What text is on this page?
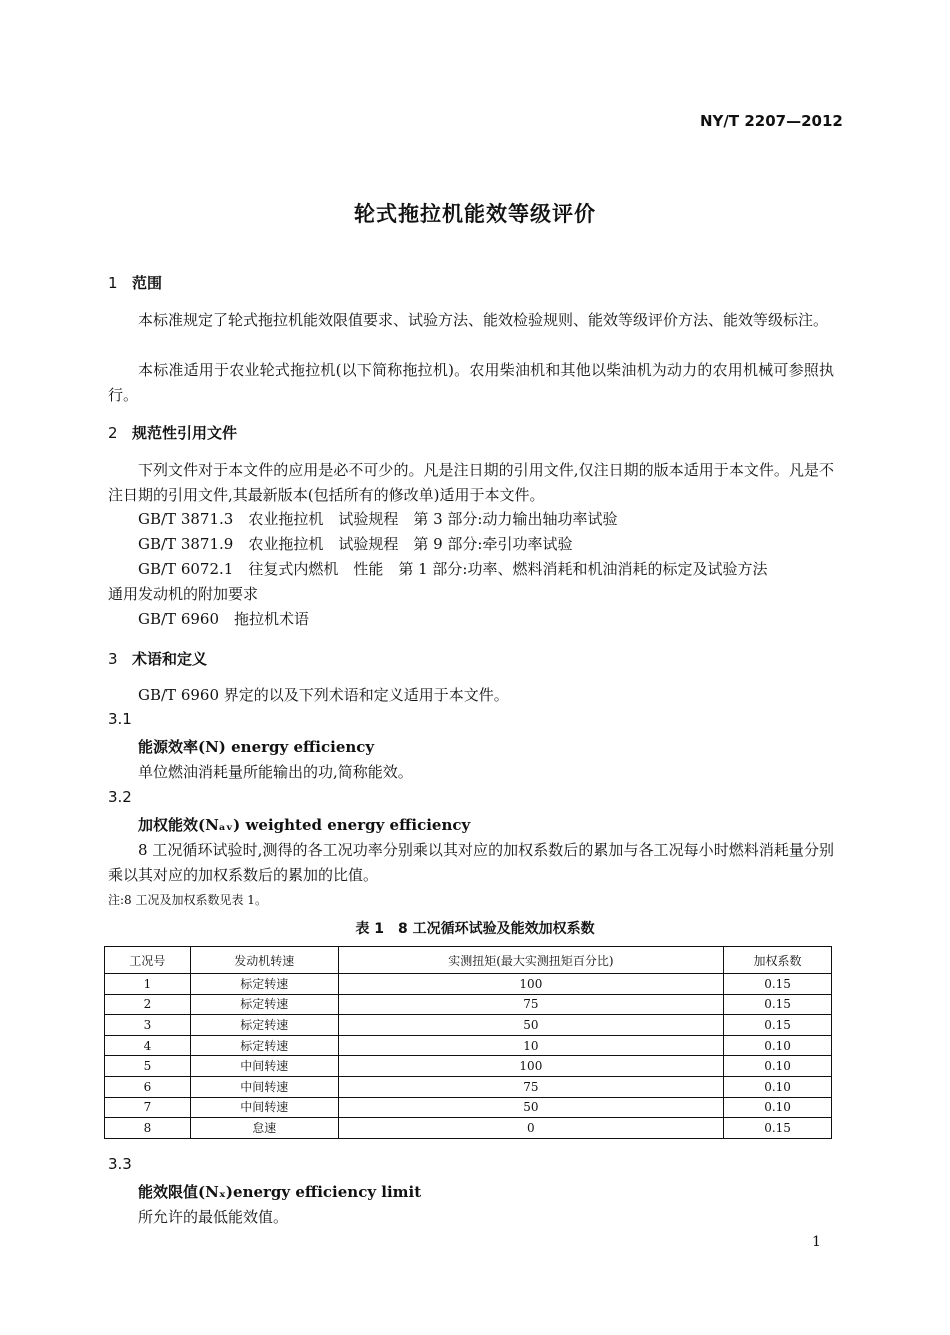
NY/T 2207—2012
轮式拖拉机能效等级评价
1 范围
本标准规定了轮式拖拉机能效限值要求、试验方法、能效检验规则、能效等级评价方法、能效等级标注。
本标准适用于农业轮式拖拉机(以下简称拖拉机)。农用柴油机和其他以柴油机为动力的农用机械可参照执行。
2 规范性引用文件
下列文件对于本文件的应用是必不可少的。凡是注日期的引用文件,仅注日期的版本适用于本文件。凡是不注日期的引用文件,其最新版本(包括所有的修改单)适用于本文件。
GB/T 3871.3　农业拖拉机　试验规程　第 3 部分:动力输出轴功率试验
GB/T 3871.9　农业拖拉机　试验规程　第 9 部分:牵引功率试验
GB/T 6072.1　往复式内燃机　性能　第 1 部分:功率、燃料消耗和机油消耗的标定及试验方法
通用发动机的附加要求
GB/T 6960　拖拉机术语
3 术语和定义
GB/T 6960 界定的以及下列术语和定义适用于本文件。
3.1
能源效率(N) energy efficiency
单位燃油消耗量所能输出的功,简称能效。
3.2
加权能效(Nₐᵥ) weighted energy efficiency
8 工况循环试验时,测得的各工况功率分别乘以其对应的加权系数后的累加与各工况每小时燃料消耗量分别乘以其对应的加权系数后的累加的比值。
注:8 工况及加权系数见表 1。
表 1　8 工况循环试验及能效加权系数
工况号	发动机转速	实测扭矩(最大实测扭矩百分比)	加权系数
1	标定转速	100	0.15
2	标定转速	75	0.15
3	标定转速	50	0.15
4	标定转速	10	0.10
5	中间转速	100	0.10
6	中间转速	75	0.10
7	中间转速	50	0.10
8	怠速	0	0.15
3.3
能效限值(Nₓ)energy efficiency limit
所允许的最低能效值。
1
